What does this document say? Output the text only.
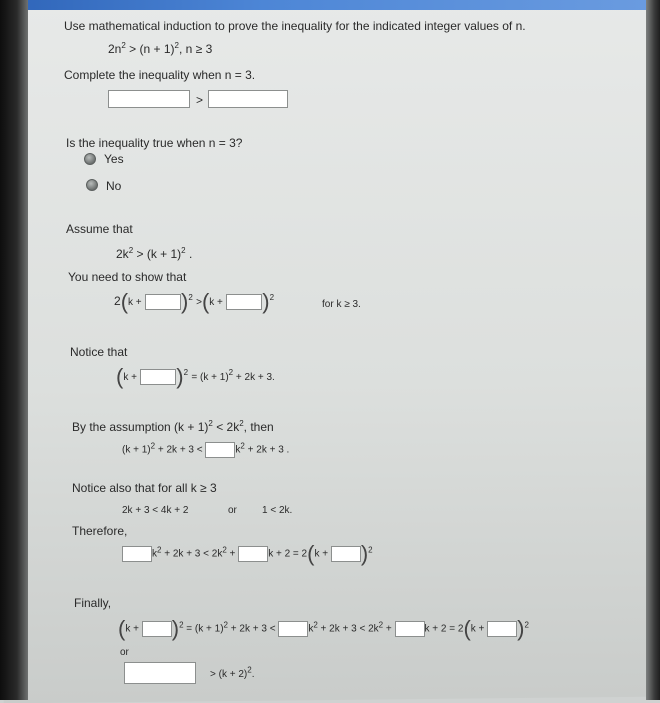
Use mathematical induction to prove the inequality for the indicated integer values of n.
$2n^2 > (n + 1)^2$, n ≥ 3
Complete the inequality when n = 3.
>
Is the inequality true when n = 3?
Yes
No
Assume that
$2k^2 > (k + 1)^2$ .
You need to show that
$2(k + )^2 >(k + )^2$
for k ≥ 3.
Notice that
$(k + )^2 = (k + 1)^2 + 2k + 3$.
By the assumption $(k + 1)^2 < 2k^2$, then
$(k + 1)^2 + 2k + 3$ <	$k^2 + 2k + 3$ .
Notice also that for all k ≥ 3
2k + 3 < 4k + 2	or	1 < 2k.
Therefore,
$k^2 + 2k + 3 < 2k^2$ +	$k + 2 = 2(k + )^2$
Finally,
$(k + )^2 = (k + 1)^2 + 2k + 3$ <	$k^2 + 2k + 3 < 2k^2$ +	$k + 2 = 2(k + )^2$
or
> $(k + 2)^2$.
